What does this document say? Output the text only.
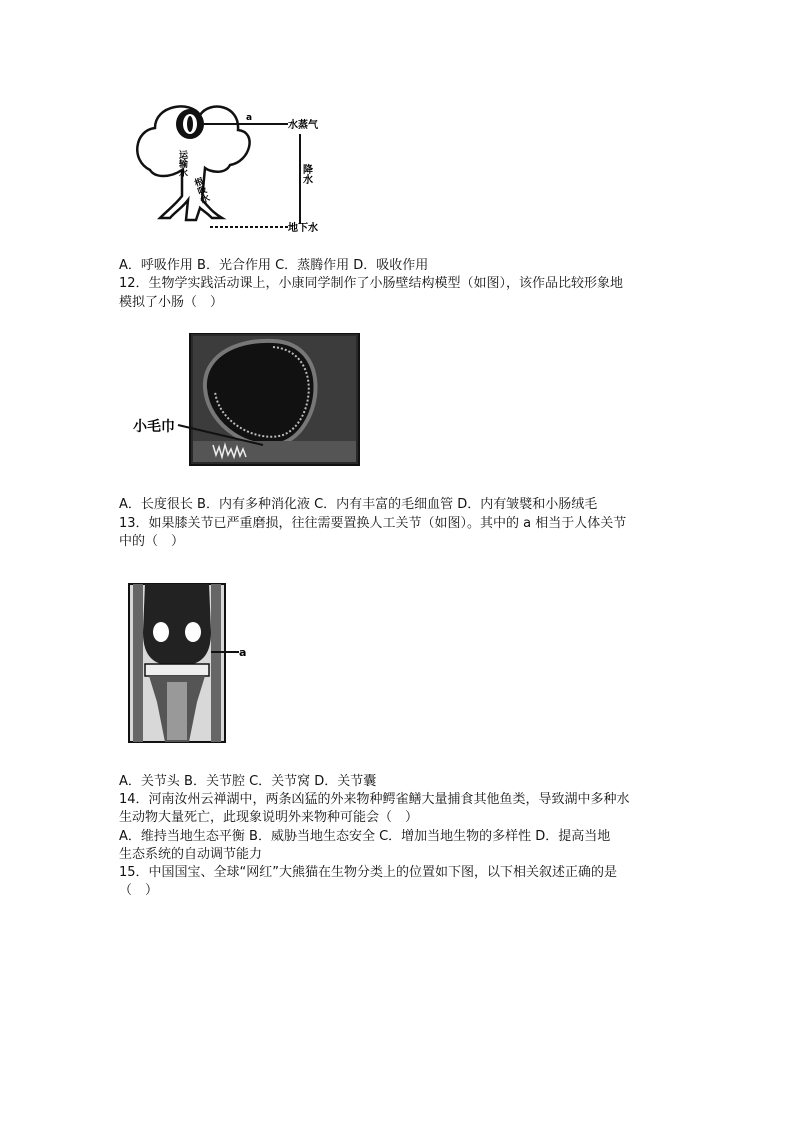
a
水蒸气
降水
地下水
运输水
根吸水
A．呼吸作用 B．光合作用 C．蒸腾作用 D．吸收作用
12．生物学实践活动课上，小康同学制作了小肠壁结构模型（如图），该作品比较形象地
模拟了小肠（　）
小毛巾
A．长度很长 B．内有多种消化液 C．内有丰富的毛细血管 D．内有皱襞和小肠绒毛
13．如果膝关节已严重磨损，往往需要置换人工关节（如图）。其中的 a 相当于人体关节
中的（　）
a
A．关节头 B．关节腔 C．关节窝 D．关节囊
14．河南汝州云禅湖中，两条凶猛的外来物种鳄雀鳝大量捕食其他鱼类，导致湖中多种水
生动物大量死亡，此现象说明外来物种可能会（　）
A．维持当地生态平衡 B．威胁当地生态安全 C．增加当地生物的多样性 D．提高当地
生态系统的自动调节能力
15．中国国宝、全球“网红”大熊猫在生物分类上的位置如下图，以下相关叙述正确的是
（　）
